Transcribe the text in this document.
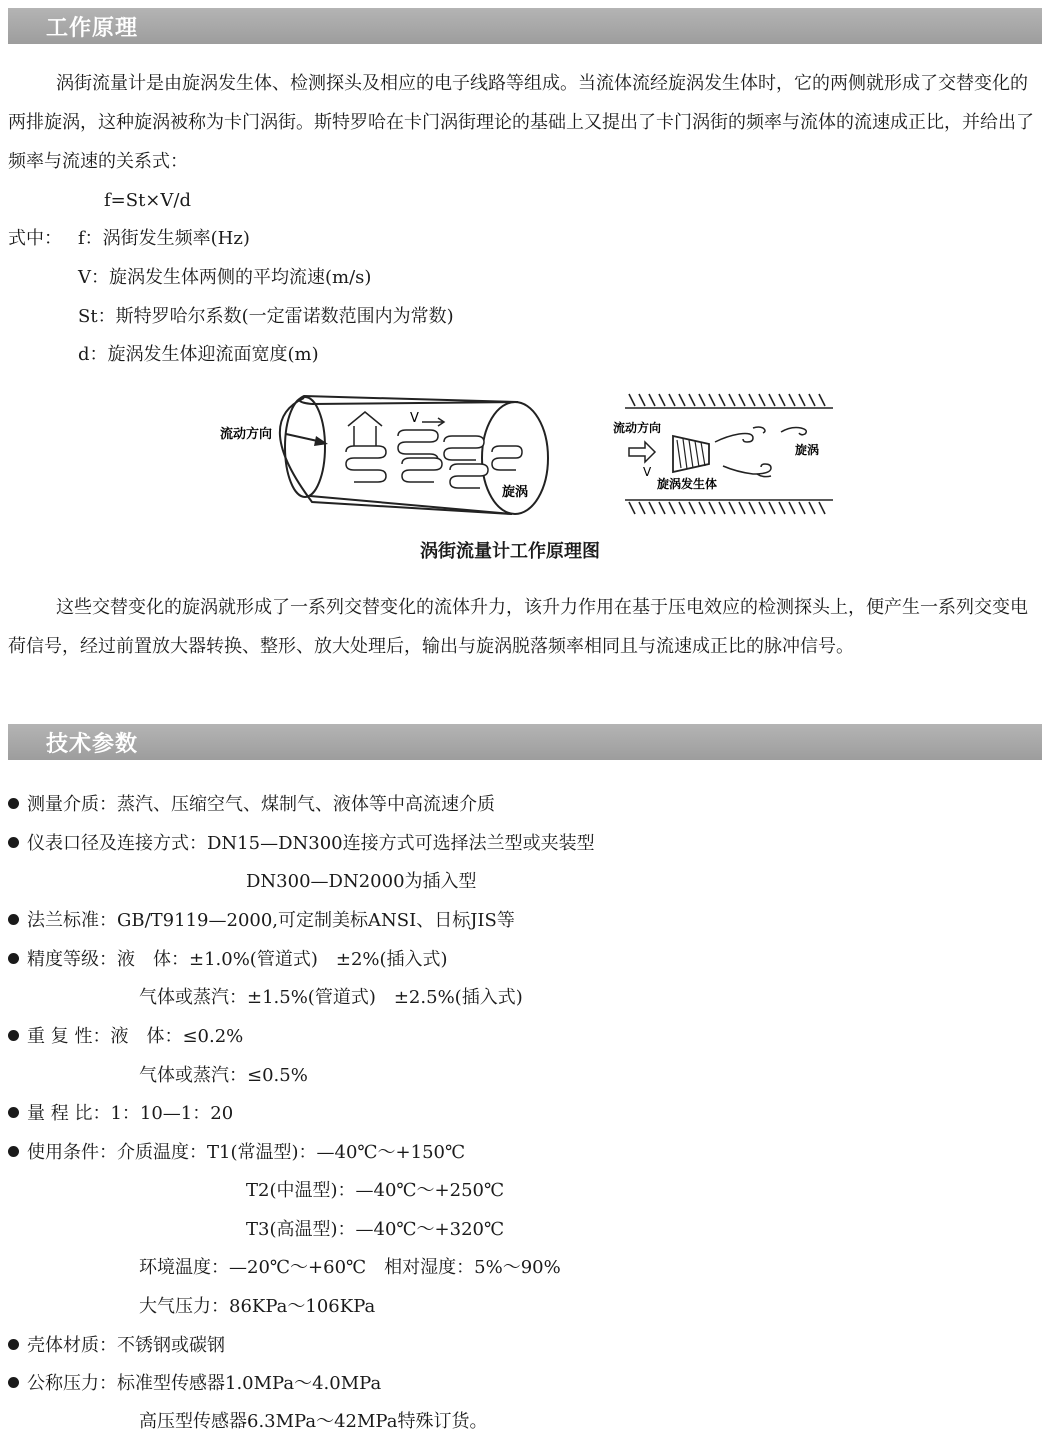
工作原理

涡街流量计是由旋涡发生体、检测探头及相应的电子线路等组成。当流体流经旋涡发生体时，它的两侧就形成了交替变化的两排旋涡，这种旋涡被称为卡门涡街。斯特罗哈在卡门涡街理论的基础上又提出了卡门涡街的频率与流体的流速成正比，并给出了频率与流速的关系式：

f=St×V/d
式中： f：涡街发生频率(Hz)
V：旋涡发生体两侧的平均流速(m/s)
St：斯特罗哈尔系数(一定雷诺数范围内为常数)
d：旋涡发生体迎流面宽度(m)
流动方向
V
旋涡
流动方向
V
旋涡
旋涡发生体
涡街流量计工作原理图

这些交替变化的旋涡就形成了一系列交替变化的流体升力，该升力作用在基于压电效应的检测探头上，便产生一系列交变电荷信号，经过前置放大器转换、整形、放大处理后，输出与旋涡脱落频率相同且与流速成正比的脉冲信号。

技术参数
测量介质：蒸汽、压缩空气、煤制气、液体等中高流速介质
仪表口径及连接方式：DN15—DN300连接方式可选择法兰型或夹装型
DN300—DN2000为插入型
法兰标准：GB/T9119—2000,可定制美标ANSI、日标JIS等
精度等级：液　体：±1.0%(管道式)　±2%(插入式)
气体或蒸汽：±1.5%(管道式)　±2.5%(插入式)
重 复 性：液　体：≤0.2%
气体或蒸汽：≤0.5%
量 程 比：1：10—1：20
使用条件：介质温度：T1(常温型)：—40℃～+150℃
T2(中温型)：—40℃～+250℃
T3(高温型)：—40℃～+320℃
环境温度：—20℃～+60℃　相对湿度：5%～90%
大气压力：86KPa～106KPa
壳体材质：不锈钢或碳钢
公称压力：标准型传感器1.0MPa～4.0MPa
高压型传感器6.3MPa～42MPa特殊订货。
